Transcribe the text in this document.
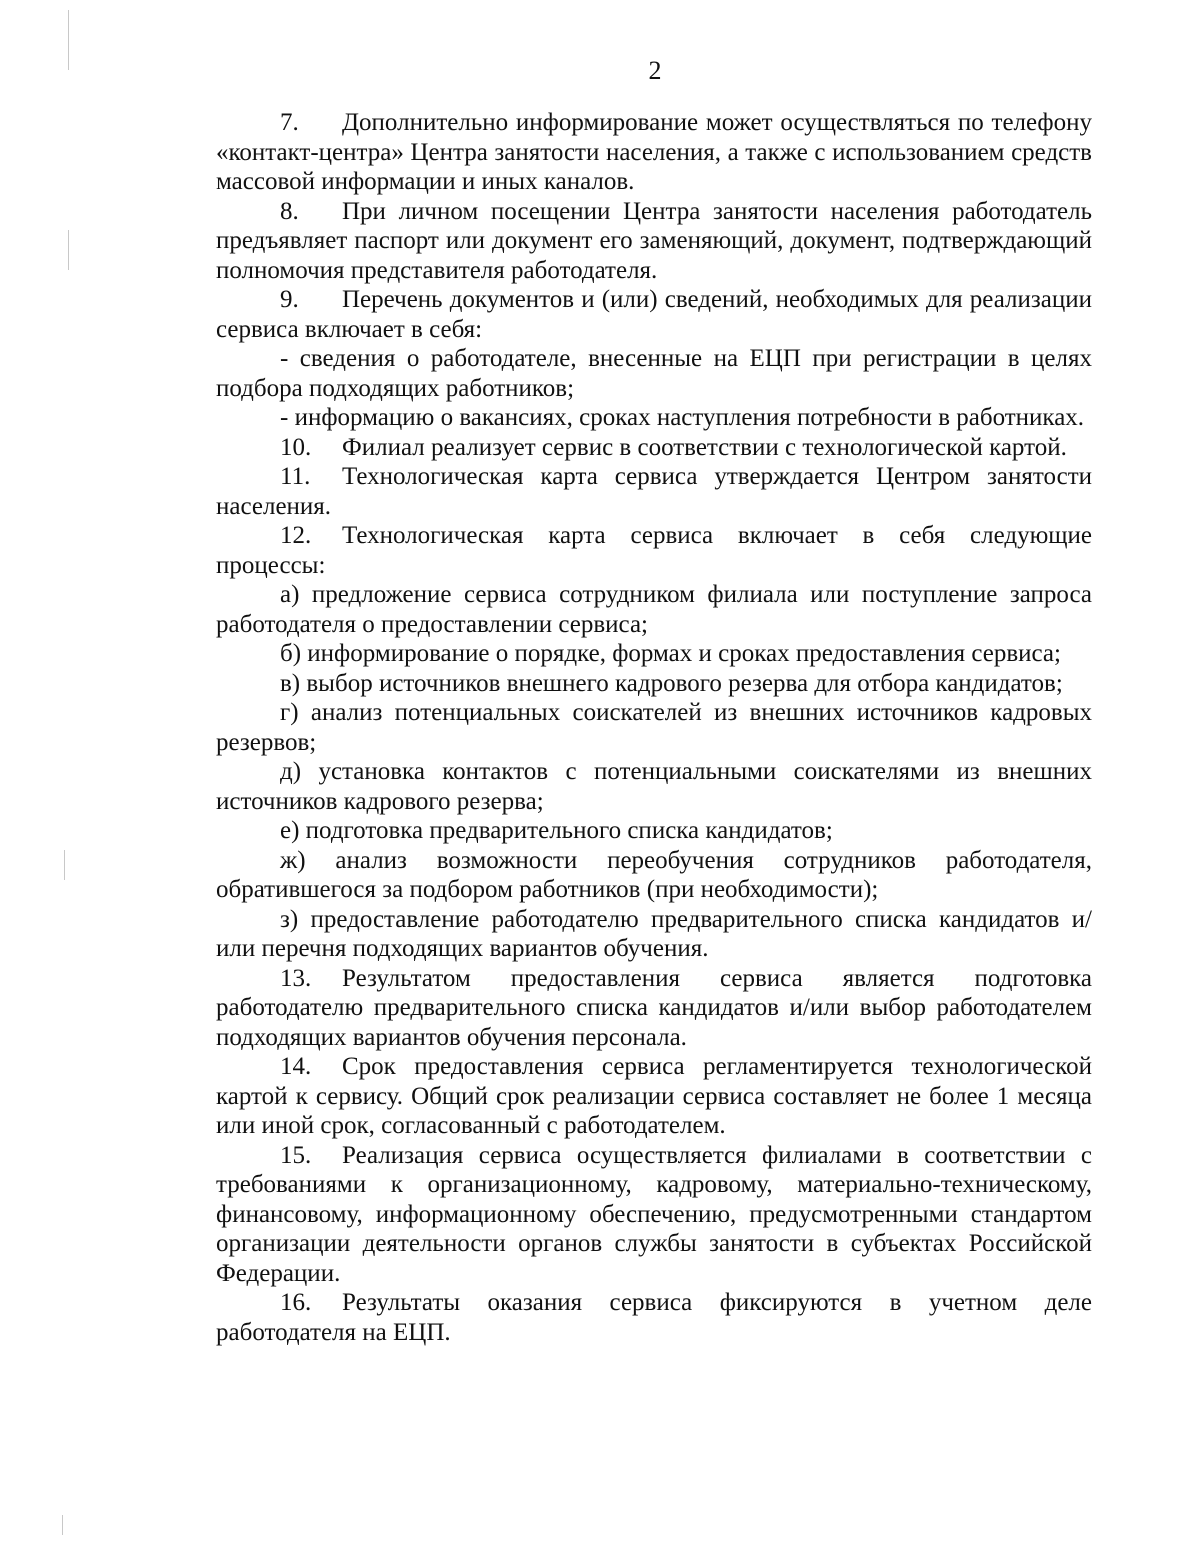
2

7. Дополнительно информирование может осуществляться по телефону «контакт-центра» Центра занятости населения, а также с использованием средств массовой информации и иных каналов.

8. При личном посещении Центра занятости населения работодатель предъявляет паспорт или документ его заменяющий, документ, подтверждающий полномочия представителя работодателя.

9. Перечень документов и (или) сведений, необходимых для реализации сервиса включает в себя:

- сведения о работодателе, внесенные на ЕЦП при регистрации в целях подбора подходящих работников;

- информацию о вакансиях, сроках наступления потребности в работниках.

10. Филиал реализует сервис в соответствии с технологической картой.

11. Технологическая карта сервиса утверждается Центром занятости населения.

12. Технологическая карта сервиса включает в себя следующие процессы:

а) предложение сервиса сотрудником филиала или поступление запроса работодателя о предоставлении сервиса;

б) информирование о порядке, формах и сроках предоставления сервиса;

в) выбор источников внешнего кадрового резерва для отбора кандидатов;

г) анализ потенциальных соискателей из внешних источников кадровых резервов;

д) установка контактов с потенциальными соискателями из внешних источников кадрового резерва;

е) подготовка предварительного списка кандидатов;

ж) анализ возможности переобучения сотрудников работодателя, обратившегося за подбором работников (при необходимости);

з) предоставление работодателю предварительного списка кандидатов и/или перечня подходящих вариантов обучения.

13. Результатом предоставления сервиса является подготовка работодателю предварительного списка кандидатов и/или выбор работодателем подходящих вариантов обучения персонала.

14. Срок предоставления сервиса регламентируется технологической картой к сервису. Общий срок реализации сервиса составляет не более 1 месяца или иной срок, согласованный с работодателем.

15. Реализация сервиса осуществляется филиалами в соответствии с требованиями к организационному, кадровому, материально-техническому, финансовому, информационному обеспечению, предусмотренными стандартом организации деятельности органов службы занятости в субъектах Российской Федерации.

16. Результаты оказания сервиса фиксируются в учетном деле работодателя на ЕЦП.
